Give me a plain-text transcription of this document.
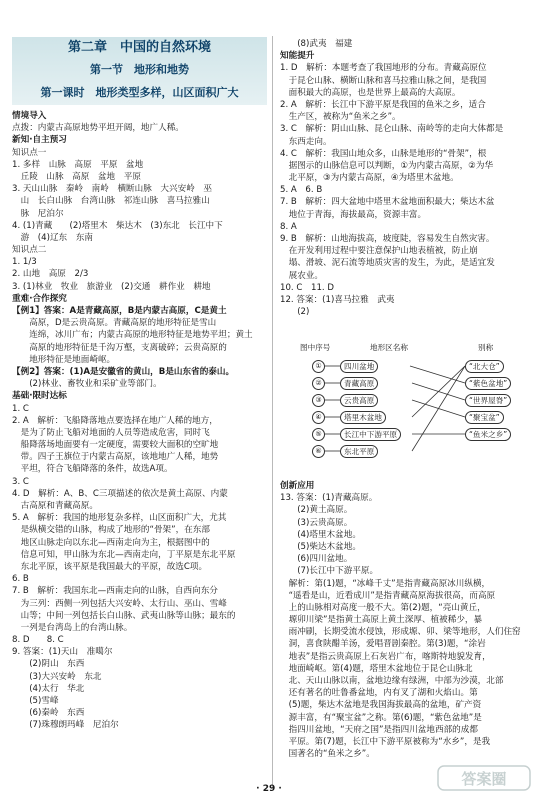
第二章　中国的自然环境
第一节　地形和地势
第一课时　地形类型多样，山区面积广大
情境导入
点拨：内蒙古高原地势平坦开阔，地广人稀。
新知·自主预习
知识点一
1. 多样　山脉　高原　平原　盆地
　丘陵　山脉　高原　盆地　平原
3. 天山山脉　秦岭　南岭　横断山脉　大兴安岭　巫
　山　长白山脉　台湾山脉　祁连山脉　喜马拉雅山
　脉　尼泊尔
4. (1)青藏　　(2)塔里木　柴达木　(3)东北　长江中下
　游　(4)辽东　东南
知识点二
1. 1/3
2. 山地　高原　2/3
3. (1)林业　牧业　旅游业　(2)交通　耕作业　耕地
重难·合作探究
【例1】答案：A是青藏高原，B是内蒙古高原，C是黄土
　　高原，D是云贵高原。青藏高原的地形特征是雪山
　　连绵，冰川广布；内蒙古高原的地形特征是地势平坦；黄土
　　高原的地形特征是千沟万壑，支离破碎；云贵高原的
　　地形特征是地面崎岖。
【例2】答案：(1)A是安徽省的黄山，B是山东省的泰山。
　　(2)林业、畜牧业和采矿业等部门。
基础·限时达标
1. C
2. A　解析：飞船降落地点要选择在地广人稀的地方，
　是为了防止飞船对地面的人员等造成危害，同时飞
　船降落场地面要有一定硬度，需要较大面积的空旷地
　带。四子王旗位于内蒙古高原，该地地广人稀，地势
　平坦，符合飞船降落的条件，故选A项。
3. C
4. D　解析：A、B、C三项描述的依次是黄土高原、内蒙
　古高原和青藏高原。
5. A　解析：我国的地形复杂多样，山区面积广大，尤其
　是纵横交错的山脉，构成了地形的“骨架”，在东部
　地区山脉走向以东北—西南走向为主，根据图中的
　信息可知，甲山脉为东北—西南走向，丁平原是东北平原
　东北平原，该平原是我国最大的平原，故选C项。
6. B
7. B　解析：我国东北—西南走向的山脉，自西向东分
　为三列：西侧一列包括大兴安岭、太行山、巫山、雪峰
　山等；中间一列包括长白山脉、武夷山脉等山脉；最东的
　一列是台湾岛上的台湾山脉。
8. D　　8. C
9. 答案：(1)天山　准噶尔
　　(2)阴山　东西
　　(3)大兴安岭　东北
　　(4)太行　华北
　　(5)雪峰
　　(6)秦岭　东西
　　(7)珠穆朗玛峰　尼泊尔
　　(8)武夷　福建
知能提升
1. D　解析：本题考查了我国地形的分布。青藏高原位
　于昆仑山脉、横断山脉和喜马拉雅山脉之间，是我国
　面积最大的高原，也是世界上最高的大高原。
2. A　解析：长江中下游平原是我国的鱼米之乡，适合
　生产区，被称为“鱼米之乡”。
3. C　解析：阴山山脉、昆仑山脉、南岭等的走向大体都是
　东西走向。
4. C　解析：我国山地众多，山脉是地形的“骨架”，根
　据图示的山脉信息可以判断，①为内蒙古高原，②为华
　北平原，③为内蒙古高原，④为塔里木盆地。
5. A　6. B
7. B　解析：四大盆地中塔里木盆地面积最大；柴达木盆
　地位于青海，海拔最高，资源丰富。
8. A
9. B　解析：山地海拔高，坡度陡，容易发生自然灾害。
　在开发利用过程中要注意保护山地表植被，防止崩
　塌、滑坡、泥石流等地质灾害的发生，为此，是适宜发
　展农业。
10. C　11. D
12. 答案：(1)喜马拉雅　武夷
　　(2)
图中序号	地形区名称	别称
①
②
③
④
⑤
⑥
四川盆地
青藏高原
云贵高原
塔里木盆地
长江中下游平原
东北平原
“北大仓”
“紫色盆地”
“世界屋脊”
“聚宝盆”
“鱼米之乡”
创新应用
13. 答案：(1)青藏高原。
　　(2)黄土高原。
　　(3)云贵高原。
　　(4)塔里木盆地。
　　(5)柴达木盆地。
　　(6)四川盆地。
　　(7)长江中下游平原。
　解析：第(1)题，“冰峰千丈”是指青藏高原冰川纵横，
　“遥看是山，近看成川”是指青藏高原海拔很高，而高原
　上的山脉相对高度一般不大。第(2)题，“亮山黄丘，
　塬卯川梁”是指黄土高原上黄土深厚、植被稀少，暴
　雨冲刷，长期受流水侵蚀，形成塬、卯、梁等地形，人们住窑
　洞，喜食陕醋羊汤，爱唱晋剧秦腔。第(3)题，“涂岩
　地表”是指云贵高原上石灰岩广布，喀斯特地貌发育，
　地面崎岖。第(4)题，塔里木盆地位于昆仑山脉北
　北、天山山脉以南，盆地边缘有绿洲，中部为沙漠，北部
　还有著名的吐鲁番盆地，内有叉了湖和火焰山。第
　(5)题，柴达木盆地是我国海拔最高的盆地，矿产资
　源丰富，有“聚宝盆”之称。第(6)题，“紫色盆地”是
　指四川盆地，“天府之国”是指四川盆地西部的成都
　平原。第(7)题，长江中下游平原被称为“水乡”，是我
　国著名的“鱼米之乡”。
· 29 ·
答案圈
